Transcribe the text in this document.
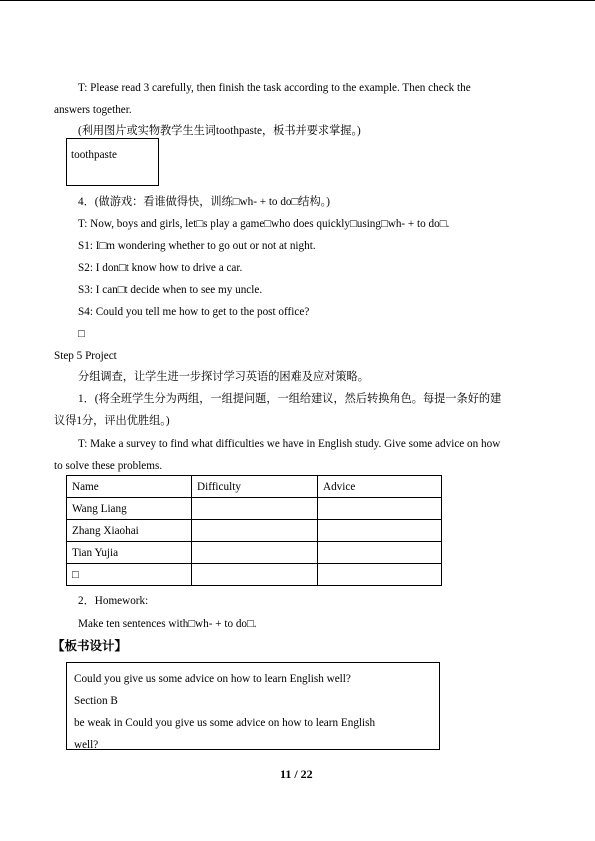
T: Please read 3 carefully, then finish the task according to the example. Then check the
answers together.
(利用图片或实物教学生生词toothpaste，板书并要求掌握。)
toothpaste
4．(做游戏：看谁做得快，训练□wh- + to do□结构。)
T: Now, boys and girls, let□s play a game□who does quickly□using□wh- + to do□.
S1: I□m wondering whether to go out or not at night.
S2: I don□t know how to drive a car.
S3: I can□t decide when to see my uncle.
S4: Could you tell me how to get to the post office?
□
Step 5 Project
分组调查，让学生进一步探讨学习英语的困难及应对策略。
1．(将全班学生分为两组，一组提问题，一组给建议，然后转换角色。每提一条好的建
议得1分，评出优胜组。)
T: Make a survey to find what difficulties we have in English study. Give some advice on how
to solve these problems.
Name	Difficulty	Advice
Wang Liang		
Zhang Xiaohai		
Tian Yujia		
□		
2．Homework:
Make ten sentences with□wh- + to do□.
【板书设计】
Could you give us some advice on how to learn English well?
Section B
be weak in Could you give us some advice on how to learn English
well?
11 / 22
